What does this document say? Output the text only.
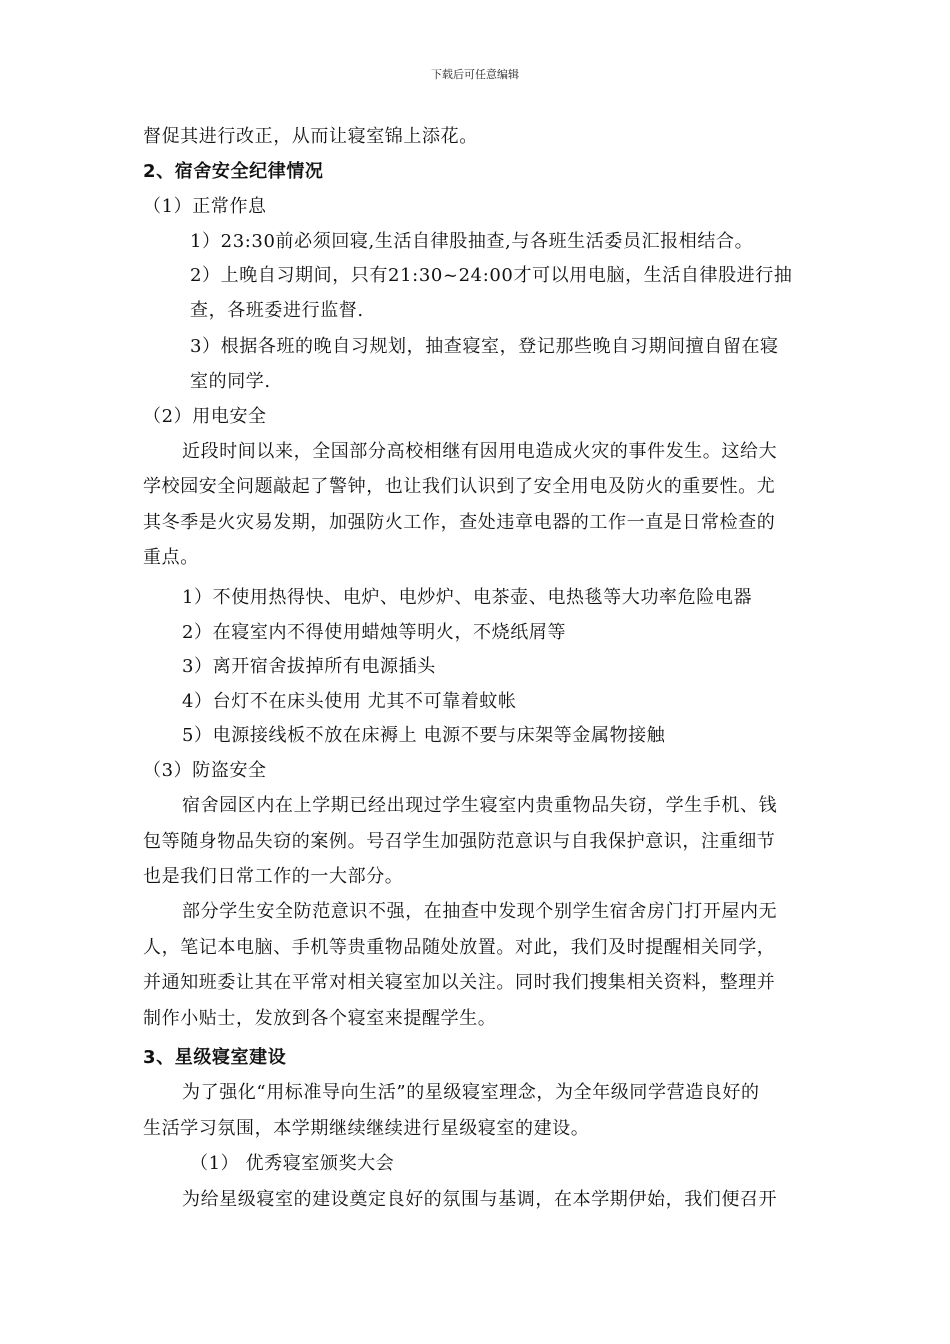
下载后可任意编辑
督促其进行改正，从而让寝室锦上添花。
2、宿舍安全纪律情况
（1）正常作息
1）23:30前必须回寝,生活自律股抽查,与各班生活委员汇报相结合。
2）上晚自习期间，只有21:30~24:00才可以用电脑，生活自律股进行抽
查，各班委进行监督.
3）根据各班的晚自习规划，抽查寝室，登记那些晚自习期间擅自留在寝
室的同学.
（2）用电安全
近段时间以来，全国部分高校相继有因用电造成火灾的事件发生。这给大
学校园安全问题敲起了警钟，也让我们认识到了安全用电及防火的重要性。尤
其冬季是火灾易发期，加强防火工作，查处违章电器的工作一直是日常检查的
重点。
1）不使用热得快、电炉、电炒炉、电茶壶、电热毯等大功率危险电器
2）在寝室内不得使用蜡烛等明火，不烧纸屑等
3）离开宿舍拔掉所有电源插头
4）台灯不在床头使用 尤其不可靠着蚊帐
5）电源接线板不放在床褥上 电源不要与床架等金属物接触
（3）防盗安全
宿舍园区内在上学期已经出现过学生寝室内贵重物品失窃，学生手机、钱
包等随身物品失窃的案例。号召学生加强防范意识与自我保护意识，注重细节
也是我们日常工作的一大部分。
部分学生安全防范意识不强，在抽查中发现个别学生宿舍房门打开屋内无
人，笔记本电脑、手机等贵重物品随处放置。对此，我们及时提醒相关同学，
并通知班委让其在平常对相关寝室加以关注。同时我们搜集相关资料，整理并
制作小贴士，发放到各个寝室来提醒学生。
3、星级寝室建设
为了强化“用标准导向生活”的星级寝室理念，为全年级同学营造良好的
生活学习氛围，本学期继续继续进行星级寝室的建设。
（1） 优秀寝室颁奖大会
为给星级寝室的建设奠定良好的氛围与基调，在本学期伊始，我们便召开
